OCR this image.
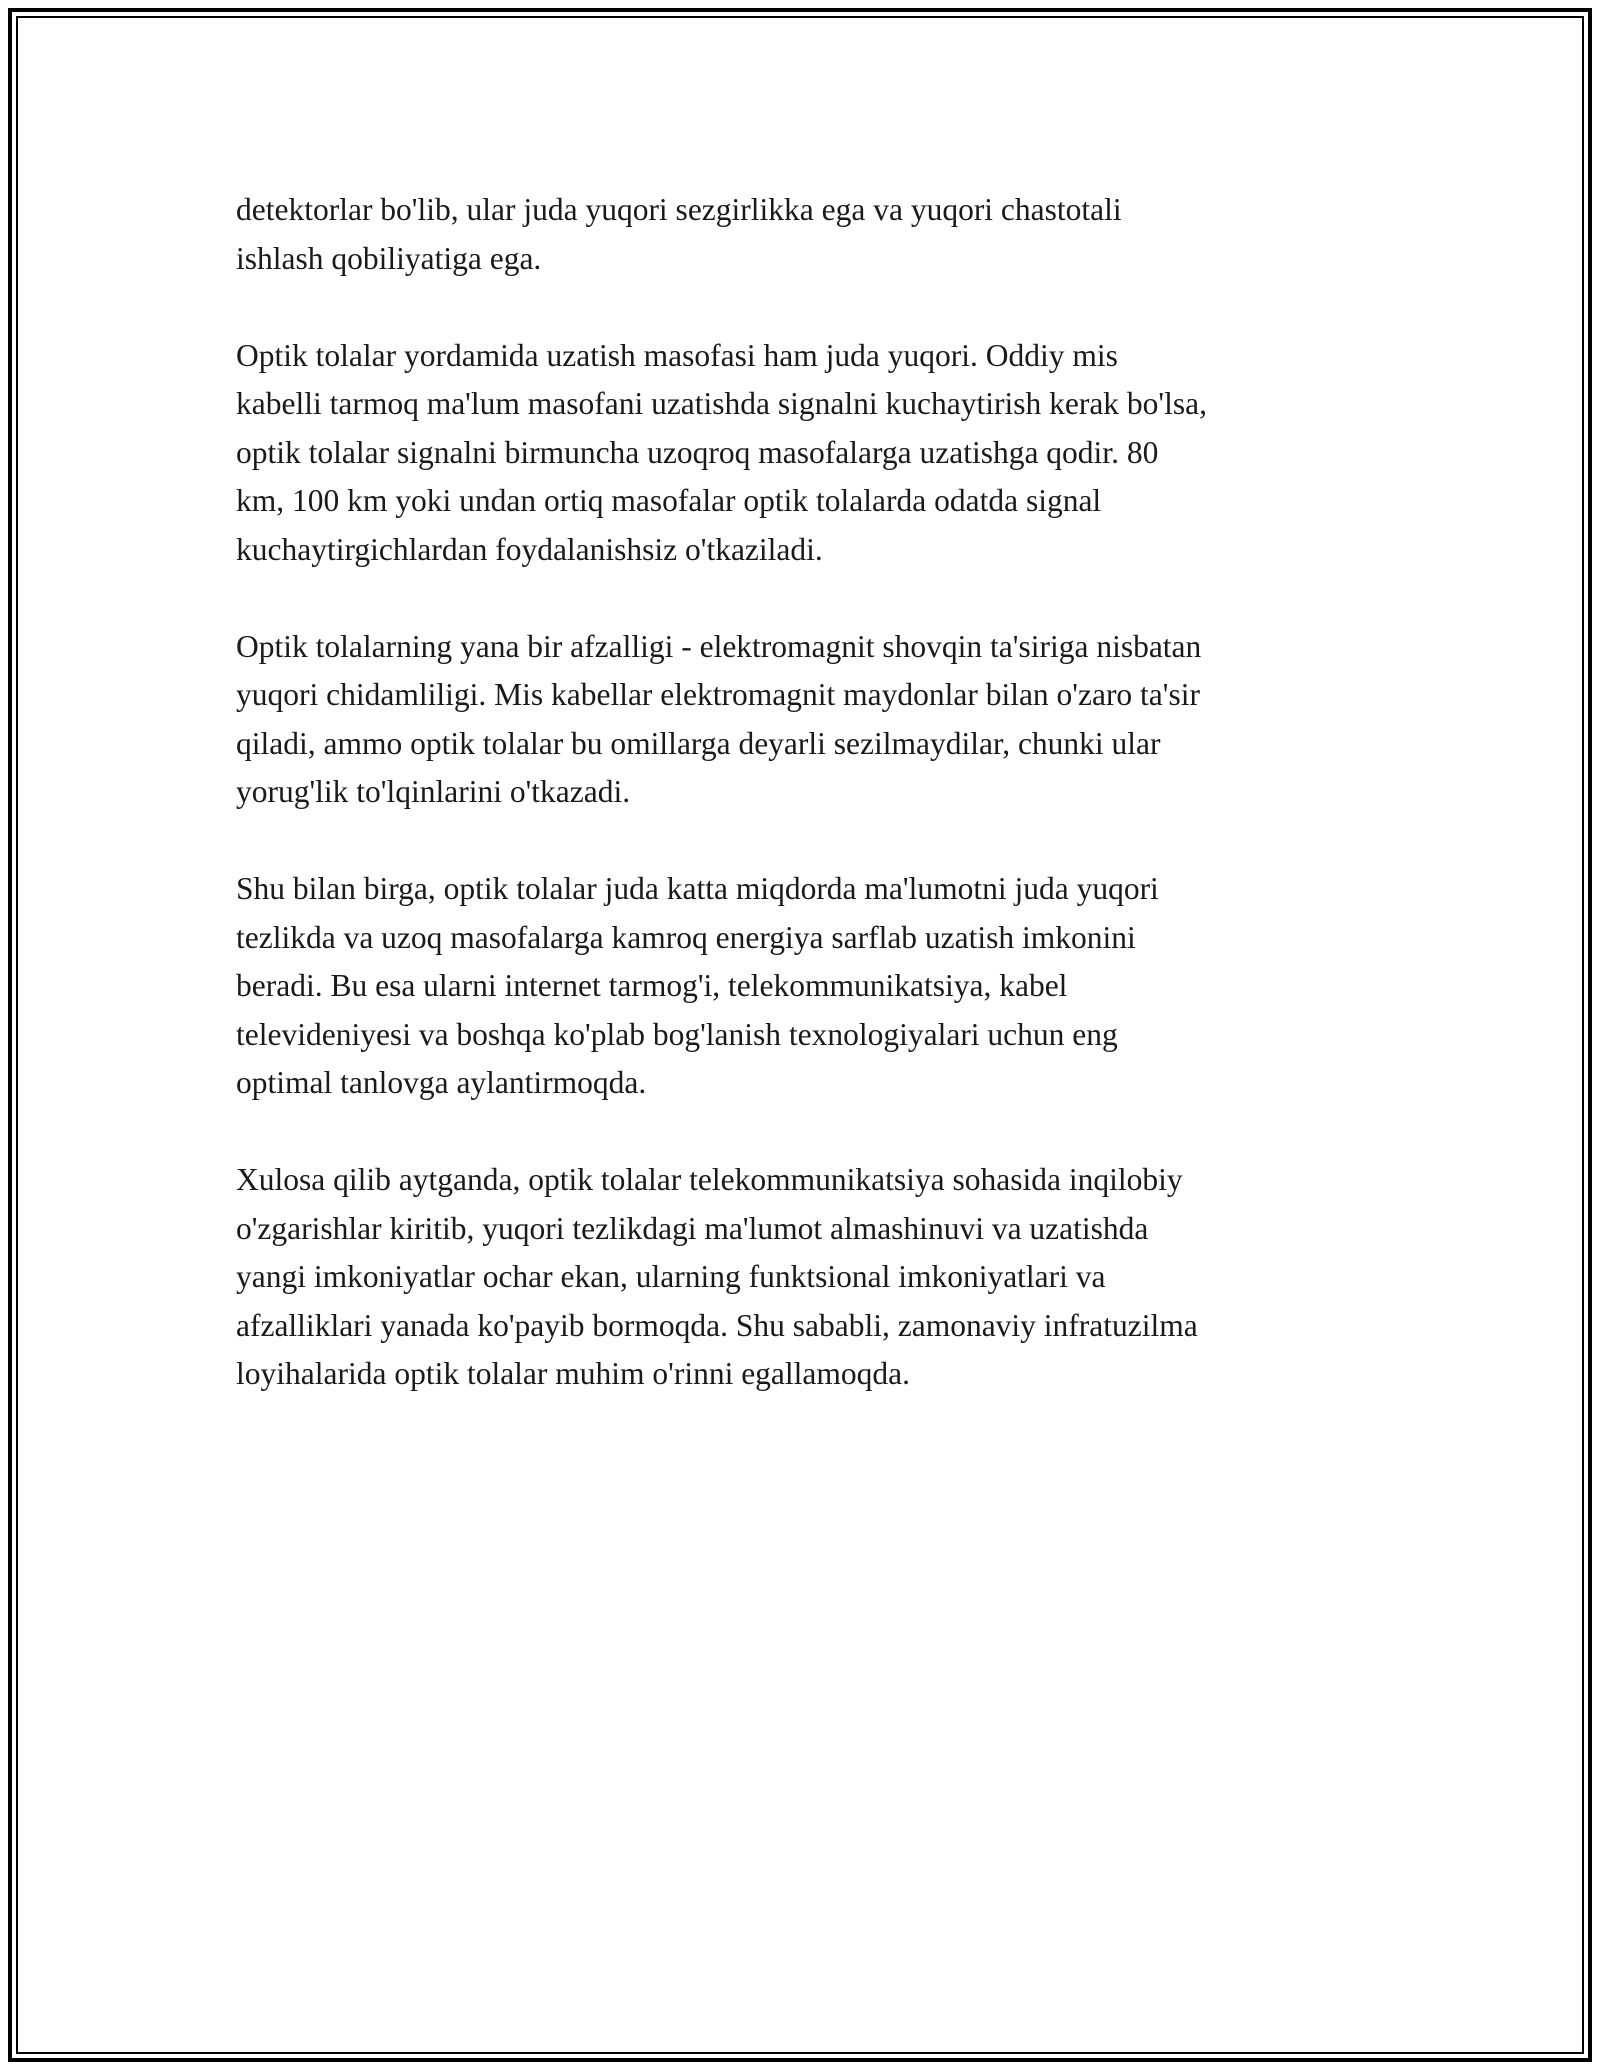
detektorlar bo'lib, ular juda yuqori sezgirlikka ega va yuqori chastotali
ishlash qobiliyatiga ega.

Optik tolalar yordamida uzatish masofasi ham juda yuqori. Oddiy mis
kabelli tarmoq ma'lum masofani uzatishda signalni kuchaytirish kerak bo'lsa,
optik tolalar signalni birmuncha uzoqroq masofalarga uzatishga qodir. 80
km, 100 km yoki undan ortiq masofalar optik tolalarda odatda signal
kuchaytirgichlardan foydalanishsiz o'tkaziladi.

Optik tolalarning yana bir afzalligi - elektromagnit shovqin ta'siriga nisbatan
yuqori chidamliligi. Mis kabellar elektromagnit maydonlar bilan o'zaro ta'sir
qiladi, ammo optik tolalar bu omillarga deyarli sezilmaydilar, chunki ular
yorug'lik to'lqinlarini o'tkazadi.

Shu bilan birga, optik tolalar juda katta miqdorda ma'lumotni juda yuqori
tezlikda va uzoq masofalarga kamroq energiya sarflab uzatish imkonini
beradi. Bu esa ularni internet tarmog'i, telekommunikatsiya, kabel
televideniyesi va boshqa ko'plab bog'lanish texnologiyalari uchun eng
optimal tanlovga aylantirmoqda.

Xulosa qilib aytganda, optik tolalar telekommunikatsiya sohasida inqilobiy
o'zgarishlar kiritib, yuqori tezlikdagi ma'lumot almashinuvi va uzatishda
yangi imkoniyatlar ochar ekan, ularning funktsional imkoniyatlari va
afzalliklari yanada ko'payib bormoqda. Shu sababli, zamonaviy infratuzilma
loyihalarida optik tolalar muhim o'rinni egallamoqda.
